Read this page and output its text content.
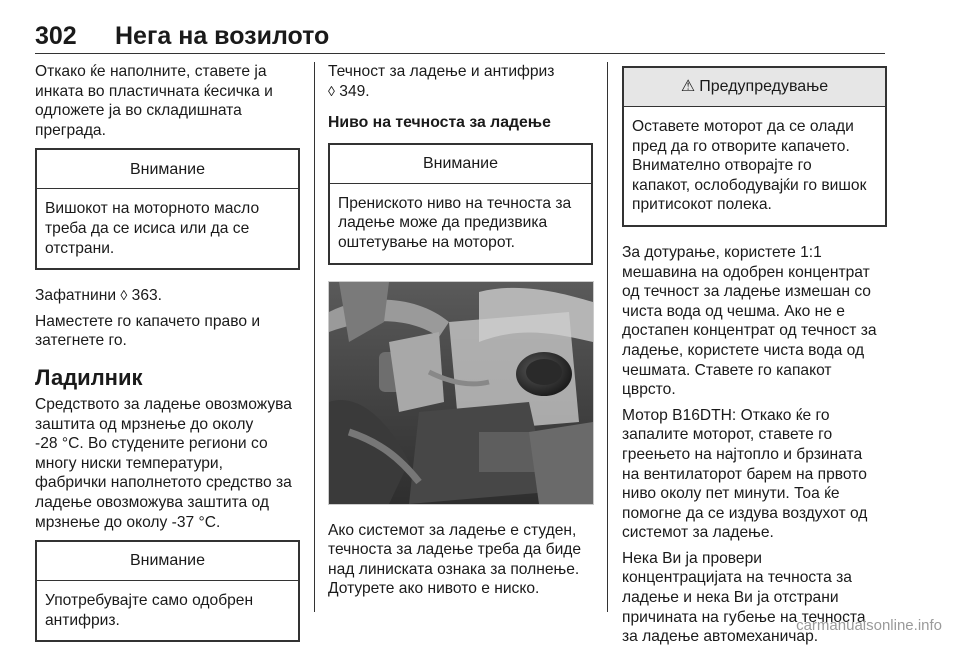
302 Нега на возилото

Откако ќе наполните, ставете ја
инката во пластичната ќесичка и
одложете ја во складишната
преграда.

Внимание
Вишокот на моторното масло
треба да се исиса или да се
отстрани.

Зафатнини ◊ 363.

Наместете го капачето право и
затегнете го.

Ладилник

Средството за ладење овозможува
заштита од мрзнење до околу
-28 °C. Во студените региони со
многу ниски температури,
фабрички наполнетото средство за
ладење овозможува заштита од
мрзнење до околу -37 °C.

Внимание
Употребувајте само одобрен
антифриз.

Течност за ладење и антифриз
◊ 349.

Ниво на течноста за ладење
Внимание
Прениското ниво на течноста за
ладење може да предизвика
оштетување на моторот.

Ако системот за ладење е студен,
течноста за ладење треба да биде
над линиската ознака за полнење.
Дотурете ако нивото е ниско.

⚠ Предупредување
Оставете моторот да се олади
пред да го отворите капачето.
Внимателно отворајте го
капакот, ослободувајќи го вишок
притисокот полека.

За дотурање, користете 1:1
мешавина на одобрен концентрат
од течност за ладење измешан со
чиста вода од чешма. Ако не е
достапен концентрат од течност за
ладење, користете чиста вода од
чешмата. Ставете го капакот
цврсто.

Мотор B16DTH: Откако ќе го
запалите моторот, ставете го
греењето на најтопло и брзината
на вентилаторот барем на првото
ниво околу пет минути. Тоа ќе
помогне да се издува воздухот од
системот за ладење.

Нека Ви ја провери
концентрацијата на течноста за
ладење и нека Ви ја отстрани
причината на губење на течноста
за ладење автомеханичар.

carmanualsonline.info
